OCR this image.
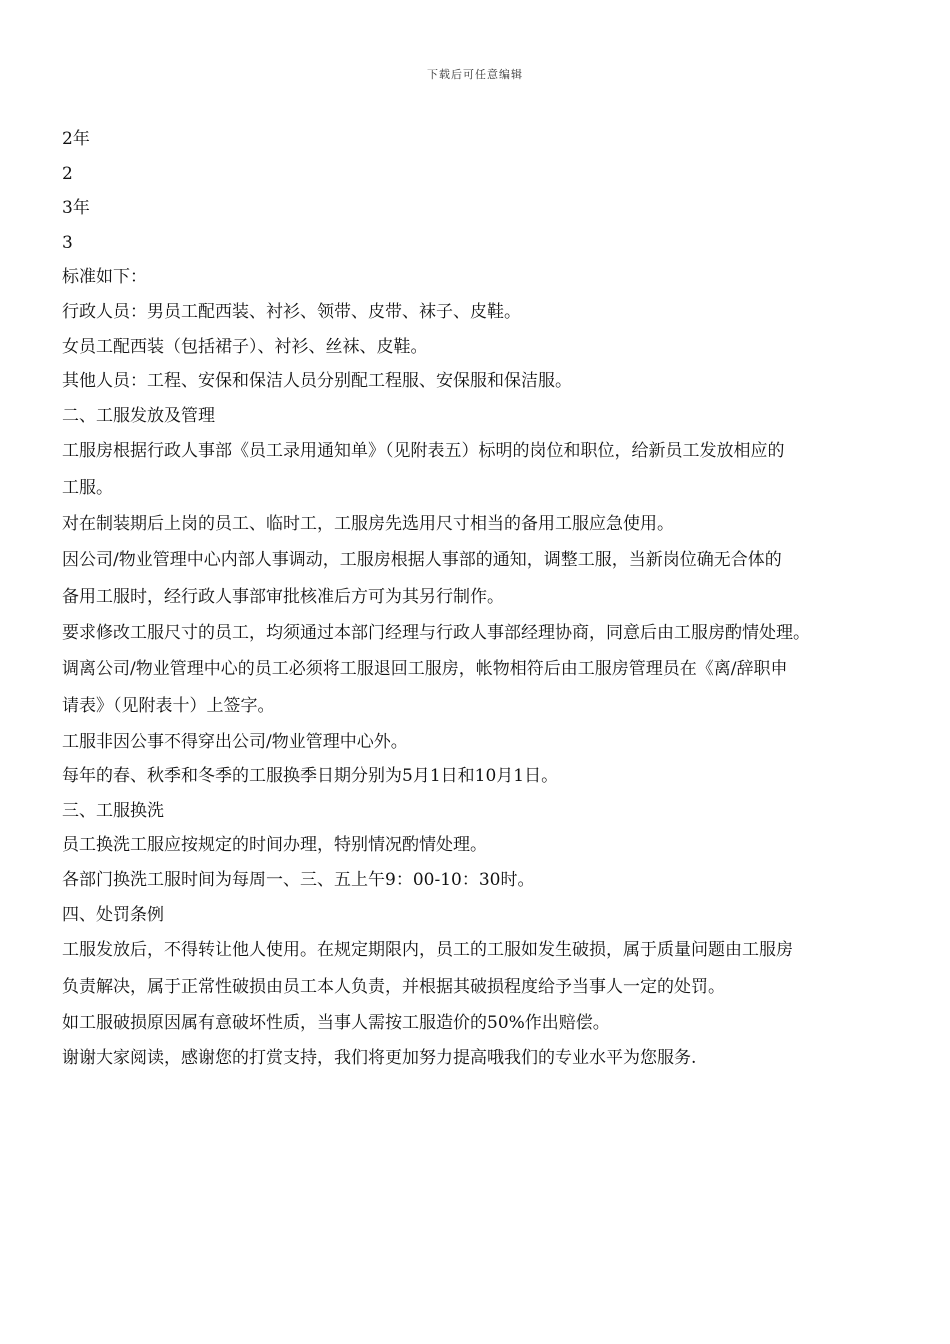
下载后可任意编辑
2年
2
3年
3
标准如下：
行政人员：男员工配西装、衬衫、领带、皮带、袜子、皮鞋。
女员工配西装（包括裙子）、衬衫、丝袜、皮鞋。
其他人员：工程、安保和保洁人员分别配工程服、安保服和保洁服。
二、工服发放及管理
工服房根据行政人事部《员工录用通知单》（见附表五）标明的岗位和职位，给新员工发放相应的
工服。
对在制装期后上岗的员工、临时工，工服房先选用尺寸相当的备用工服应急使用。
因公司/物业管理中心内部人事调动，工服房根据人事部的通知，调整工服，当新岗位确无合体的
备用工服时，经行政人事部审批核准后方可为其另行制作。
要求修改工服尺寸的员工，均须通过本部门经理与行政人事部经理协商，同意后由工服房酌情处理。
调离公司/物业管理中心的员工必须将工服退回工服房，帐物相符后由工服房管理员在《离/辞职申
请表》（见附表十）上签字。
工服非因公事不得穿出公司/物业管理中心外。
每年的春、秋季和冬季的工服换季日期分别为5月1日和10月1日。
三、工服换洗
员工换洗工服应按规定的时间办理，特别情况酌情处理。
各部门换洗工服时间为每周一、三、五上午9：00-10：30时。
四、处罚条例
工服发放后，不得转让他人使用。在规定期限内，员工的工服如发生破损，属于质量问题由工服房
负责解决，属于正常性破损由员工本人负责，并根据其破损程度给予当事人一定的处罚。
如工服破损原因属有意破坏性质，当事人需按工服造价的50%作出赔偿。
谢谢大家阅读，感谢您的打赏支持，我们将更加努力提高哦我们的专业水平为您服务.
